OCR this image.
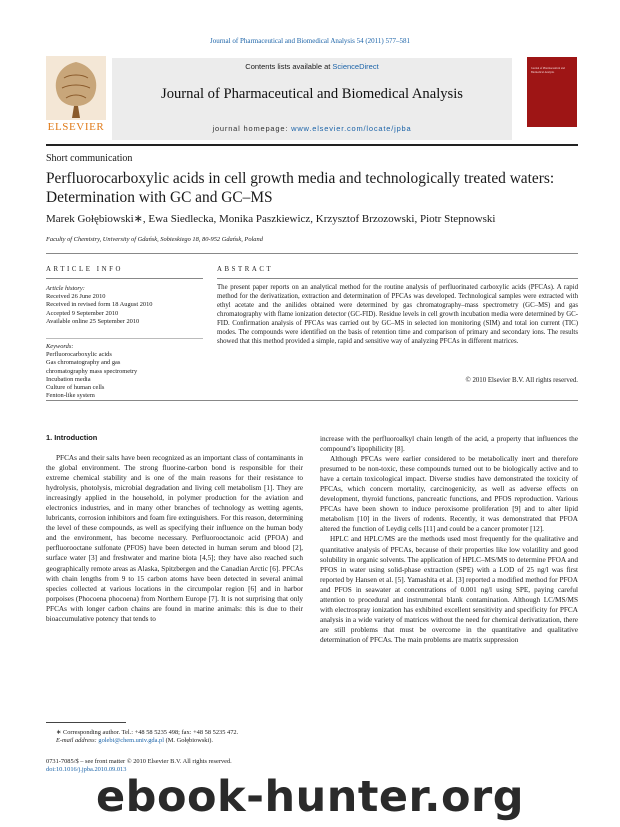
Journal of Pharmaceutical and Biomedical Analysis 54 (2011) 577–581
Contents lists available at ScienceDirect
Journal of Pharmaceutical and Biomedical Analysis
journal homepage: www.elsevier.com/locate/jpba
ELSEVIER
Journal of Pharmaceutical and Biomedical Analysis
Short communication
Perfluorocarboxylic acids in cell growth media and technologically treated waters: Determination with GC and GC–MS
Marek Gołębiowski∗, Ewa Siedlecka, Monika Paszkiewicz, Krzysztof Brzozowski, Piotr Stepnowski
Faculty of Chemistry, University of Gdańsk, Sobieskiego 18, 80-952 Gdańsk, Poland
ARTICLE INFO
Article history:
Received 26 June 2010
Received in revised form 18 August 2010
Accepted 9 September 2010
Available online 25 September 2010
Keywords:
Perfluorocarboxylic acids
Gas chromatography and gas
chromatography mass spectrometry
Incubation media
Culture of human cells
Fenton-like system
ABSTRACT
The present paper reports on an analytical method for the routine analysis of perfluorinated carboxylic acids (PFCAs). A rapid method for the derivatization, extraction and determination of PFCAs was developed. Technological samples were extracted with ethyl acetate and the anilides obtained were determined by gas chromatography–mass spectrometry (GC–MS) and gas chromatography with flame ionization detector (GC-FID). Residue levels in cell growth incubation media were determined by GC-FID. Confirmation analysis of PFCAs was carried out by GC–MS in selected ion monitoring (SIM) and total ion current (TIC) modes. The compounds were identified on the basis of retention time and comparison of primary and secondary ions. The results showed that this method provided a simple, rapid and sensitive way of analyzing PFCAs in different matrices.
© 2010 Elsevier B.V. All rights reserved.
1. Introduction
PFCAs and their salts have been recognized as an important class of contaminants in the global environment. The strong fluorine-carbon bond is responsible for their extreme chemical stability and is one of the main reasons for their resistance to hydrolysis, photolysis, microbial degradation and living cell metabolism [1]. They are increasingly applied in the household, in polymer production for the aviation and electronics industries, and in many other branches of technology as wetting agents, lubricants, corrosion inhibitors and foam fire extinguishers. For this reason, determining the level of these compounds, as well as specifying their influence on the human body and the environment, has become necessary. Perfluorooctanoic acid (PFOA) and perfluorooctane sulfonate (PFOS) have been detected in human serum and blood [2], surface water [3] and freshwater and marine biota [4,5]; they have also reached such geographically remote areas as Alaska, Spitzbergen and the Canadian Arctic [6]. PFCAs with chain lengths from 9 to 15 carbon atoms have been detected in several animal species collected at various locations in the circumpolar region [6] and in harbor porpoises (Phocoena phocoena) from Northern Europe [7]. It is not surprising that only PFCAs with longer carbon chains are found in marine animals: this is due to their bioaccumulative potency that tends to

increase with the perfluoroalkyl chain length of the acid, a property that influences the compound’s lipophilicity [8].

Although PFCAs were earlier considered to be metabolically inert and therefore presumed to be non-toxic, these compounds turned out to be biologically active and to have a certain toxicological impact. Diverse studies have demonstrated the toxicity of PFCAs, which concern mortality, carcinogenicity, as well as adverse effects on development, thyroid functions, pancreatic functions, and PFOS reproduction. Various PFCAs have been shown to induce peroxisome proliferation [9] and to alter lipid metabolism [10] in the livers of rodents. Recently, it was demonstrated that PFOA altered the function of Leydig cells [11] and could be a cancer promoter [12].

HPLC and HPLC/MS are the methods used most frequently for the qualitative and quantitative analysis of PFCAs, because of their properties like low volatility and good solubility in organic solvents. The application of HPLC–MS/MS to determine PFOA and PFOS in water using solid-phase extraction (SPE) with a LOD of 25 ng/l was first reported by Hansen et al. [5]. Yamashita et al. [3] reported a modified method for PFOA and PFOS in seawater at concentrations of 0.001 ng/l using SPE, paying careful attention to procedural and instrumental blank contamination. Although LC/MS/MS with electrospray ionization has exhibited excellent sensitivity and specificity for PFCA analysis in a wide variety of matrices without the need for chemical derivatization, there are still problems that must be overcome in the quantitative and qualitative determination of PFCAs. The main problems are matrix suppression

∗ Corresponding author. Tel.: +48 58 5235 498; fax: +48 58 5235 472.
E-mail address: golebi@chem.univ.gda.pl (M. Gołębiowski).
0731-7085/$ – see front matter © 2010 Elsevier B.V. All rights reserved.
doi:10.1016/j.jpba.2010.09.013
ebook-hunter.org
